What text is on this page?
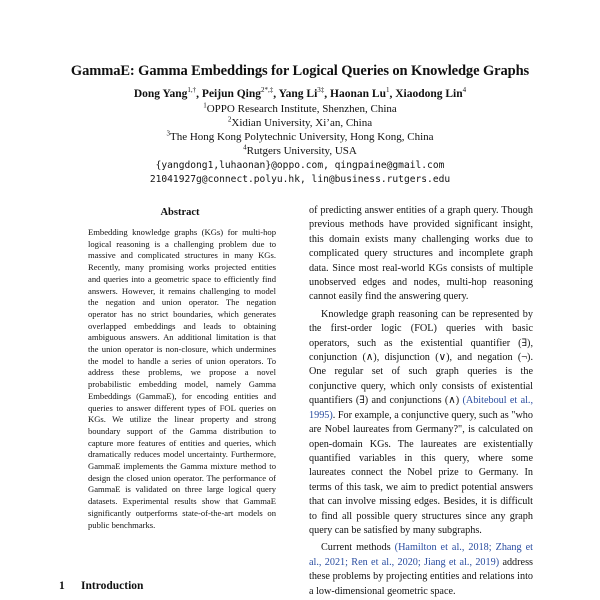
GammaE: Gamma Embeddings for Logical Queries on Knowledge Graphs
Dong Yang$^{1,\dagger}$, Peijun Qing$^{2*,\ddagger}$, Yang $Li^{3\ddagger}$, Haonan Lu$^1$, Xiaodong Lin$^4$
$^1$OPPO Research Institute, Shenzhen, China
$^2$Xidian University, Xi’an, China
$^3$The Hong Kong Polytechnic University, Hong Kong, China
$^4$Rutgers University, USA
{yangdong1,luhaonan}@oppo.com, qingpaine@gmail.com
21041927g@connect.polyu.hk, lin@business.rutgers.edu
Abstract
Embedding knowledge graphs (KGs) for multi-hop logical reasoning is a challenging problem due to massive and complicated structures in many KGs. Recently, many promising works projected entities and queries into a geometric space to efficiently find answers. However, it remains challenging to model the negation and union operator. The negation operator has no strict boundaries, which generates overlapped embeddings and leads to obtaining ambiguous answers. An additional limitation is that the union operator is non-closure, which undermines the model to handle a series of union operators. To address these problems, we propose a novel probabilistic embedding model, namely Gamma Embeddings (GammaE), for encoding entities and queries to answer different types of FOL queries on KGs. We utilize the linear property and strong boundary support of the Gamma distribution to capture more features of entities and queries, which dramatically reduces model uncertainty. Furthermore, GammaE implements the Gamma mixture method to design the closed union operator. The performance of GammaE is validated on three large logical query datasets. Experimental results show that GammaE significantly outperforms state-of-the-art models on public benchmarks.
1 Introduction

of predicting answer entities of a graph query. Though previous methods have provided significant insight, this domain exists many challenging works due to complicated query structures and incomplete graph data. Since most real-world KGs consists of multiple unobserved edges and nodes, multi-hop reasoning cannot easily find the answering query.

Knowledge graph reasoning can be represented by the first-order logic (FOL) queries with basic operators, such as the existential quantifier (∃), conjunction (∧), disjunction (∨), and negation (¬). One regular set of such graph queries is the conjunctive query, which only consists of existential quantifiers (∃) and conjunctions (∧) (Abiteboul et al., 1995). For example, a conjunctive query, such as "who are Nobel laureates from Germany?", is calculated on open-domain KGs. The laureates are existentially quantified variables in this query, where some laureates connect the Nobel prize to Germany. In terms of this task, we aim to predict potential answers that can involve missing edges. Besides, it is difficult to find all possible query structures since any graph query can be satisfied by many subgraphs.

Current methods (Hamilton et al., 2018; Zhang et al., 2021; Ren et al., 2020; Jiang et al., 2019) address these problems by projecting entities and relations into a low-dimensional geometric space.
